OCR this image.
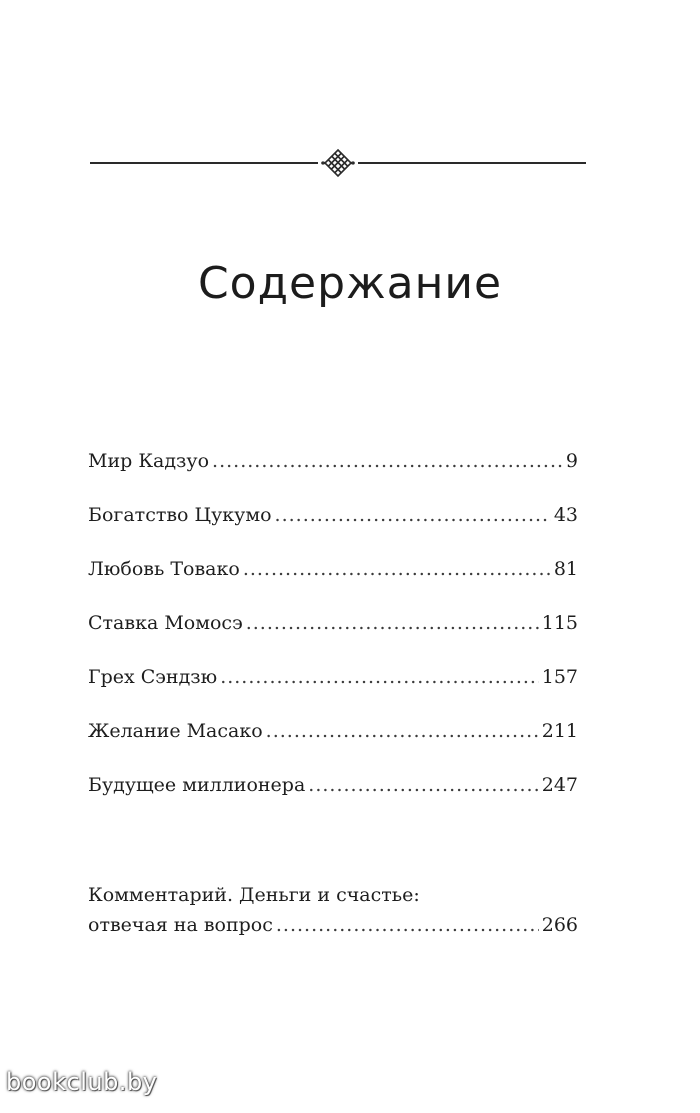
Содержание
Мир Кадзуо .....	9
Богатство Цукумо .....	43
Любовь Товако .....	81
Ставка Момосэ .....	115
Грех Сэндзю .....	157
Желание Масако .....	211
Будущее миллионера .....	247
Комментарий. Деньги и счастье:
отвечая на вопрос .....	266
bookclub.by
